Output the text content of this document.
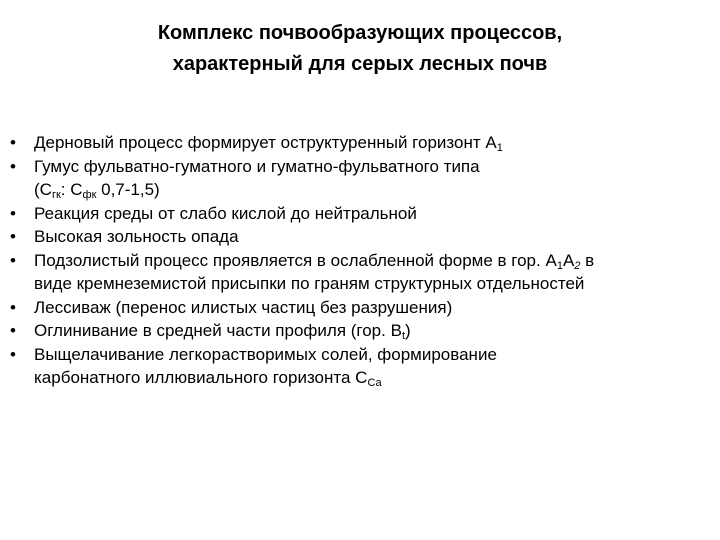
Комплекс почвообразующих процессов,
характерный для серых лесных почв
•	Дерновый процесс формирует оструктуренный горизонт $А_1$
•	Гумус фульватно-гуматного и гуматно-фульватного типа
($С_{гк}$: $С_{фк}$ 0,7-1,5)
•	Реакция среды от слабо кислой до нейтральной
•	Высокая зольность опада
•	Подзолистый процесс проявляется в ослабленной форме в гор. $А_1А_2$ в
виде кремнеземистой присыпки по граням структурных отдельностей
•	Лессиваж (перенос илистых частиц без разрушения)
•	Оглинивание в средней части профиля (гор. $В_t$)
•	Выщелачивание легкорастворимых солей, формирование
карбонатного иллювиального горизонта $С_{Са}$
